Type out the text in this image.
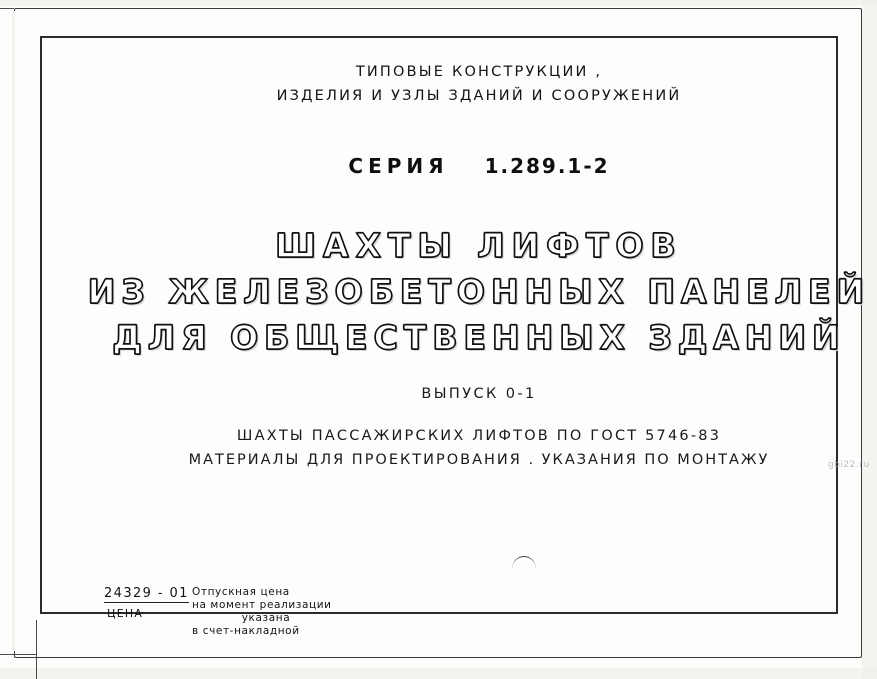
ТИПОВЫЕ КОНСТРУКЦИИ ,
ИЗДЕЛИЯ И УЗЛЫ ЗДАНИЙ И СООРУЖЕНИЙ
СЕРИЯ 1.289.1-2
ШАХТЫ ЛИФТОВ
ИЗ ЖЕЛЕЗОБЕТОННЫХ ПАНЕЛЕЙ
ДЛЯ ОБЩЕСТВЕННЫХ ЗДАНИЙ
ВЫПУСК 0-1
ШАХТЫ ПАССАЖИРСКИХ ЛИФТОВ ПО ГОСТ 5746-83
МАТЕРИАЛЫ ДЛЯ ПРОЕКТИРОВАНИЯ . УКАЗАНИЯ ПО МОНТАЖУ
24329 - 01
ЦЕНА
Отпускная цена
на момент реализации
указана
в счет-накладной
gbi22.ru
